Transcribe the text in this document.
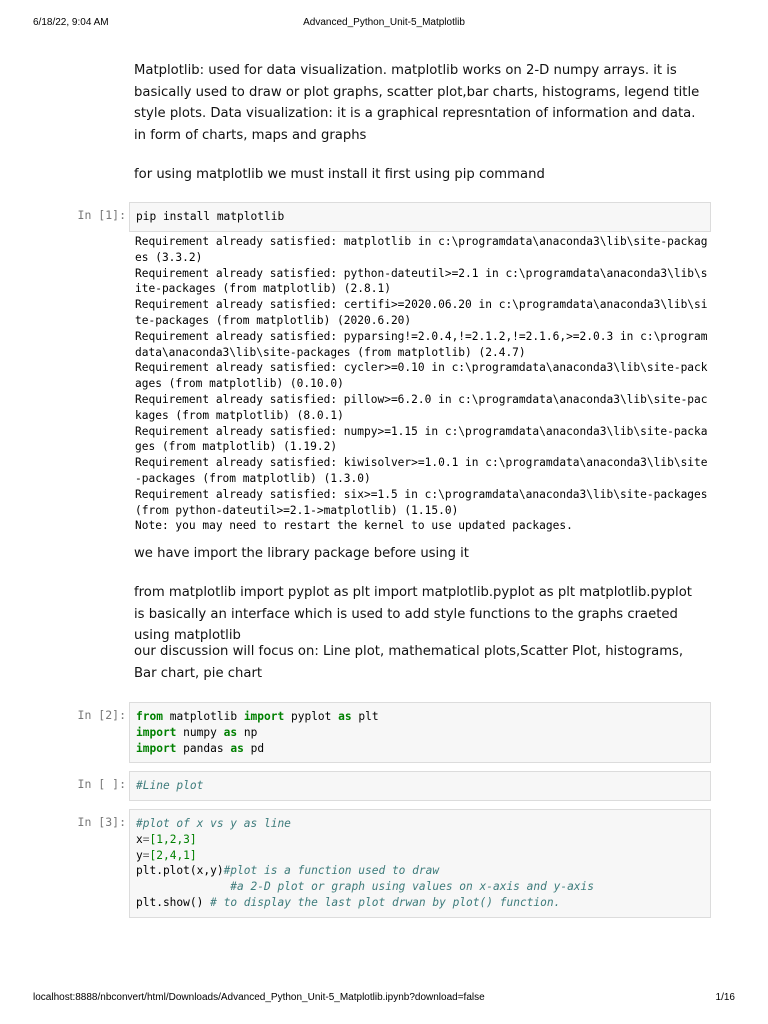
6/18/22, 9:04 AM	Advanced_Python_Unit-5_Matplotlib

Matplotlib: used for data visualization. matplotlib works on 2-D numpy arrays. it is basically used to draw or plot graphs, scatter plot,bar charts, histograms, legend title style plots. Data visualization: it is a graphical represntation of information and data. in form of charts, maps and graphs

for using matplotlib we must install it first using pip command

In [1]: pip install matplotlib
Requirement already satisfied: matplotlib in c:\programdata\anaconda3\lib\site-packag
es (3.3.2)
Requirement already satisfied: python-dateutil>=2.1 in c:\programdata\anaconda3\lib\s
ite-packages (from matplotlib) (2.8.1)
Requirement already satisfied: certifi>=2020.06.20 in c:\programdata\anaconda3\lib\si
te-packages (from matplotlib) (2020.6.20)
Requirement already satisfied: pyparsing!=2.0.4,!=2.1.2,!=2.1.6,>=2.0.3 in c:\program
data\anaconda3\lib\site-packages (from matplotlib) (2.4.7)
Requirement already satisfied: cycler>=0.10 in c:\programdata\anaconda3\lib\site-pack
ages (from matplotlib) (0.10.0)
Requirement already satisfied: pillow>=6.2.0 in c:\programdata\anaconda3\lib\site-pac
kages (from matplotlib) (8.0.1)
Requirement already satisfied: numpy>=1.15 in c:\programdata\anaconda3\lib\site-packa
ges (from matplotlib) (1.19.2)
Requirement already satisfied: kiwisolver>=1.0.1 in c:\programdata\anaconda3\lib\site
-packages (from matplotlib) (1.3.0)
Requirement already satisfied: six>=1.5 in c:\programdata\anaconda3\lib\site-packages
(from python-dateutil>=2.1->matplotlib) (1.15.0)
Note: you may need to restart the kernel to use updated packages.

we have import the library package before using it

from matplotlib import pyplot as plt import matplotlib.pyplot as plt matplotlib.pyplot is basically an interface which is used to add style functions to the graphs craeted using matplotlib

our discussion will focus on: Line plot, mathematical plots,Scatter Plot, histograms, Bar chart, pie chart

In [2]: from matplotlib import pyplot as plt
import numpy as np
import pandas as pd
In [ ]: #Line plot
In [3]: #plot of x vs y as line
x=[1,2,3]
y=[2,4,1]
plt.plot(x,y)#plot is a function used to draw
#a 2-D plot or graph using values on x-axis and y-axis
plt.show() # to display the last plot drwan by plot() function.
localhost:8888/nbconvert/html/Downloads/Advanced_Python_Unit-5_Matplotlib.ipynb?download=false	1/16
